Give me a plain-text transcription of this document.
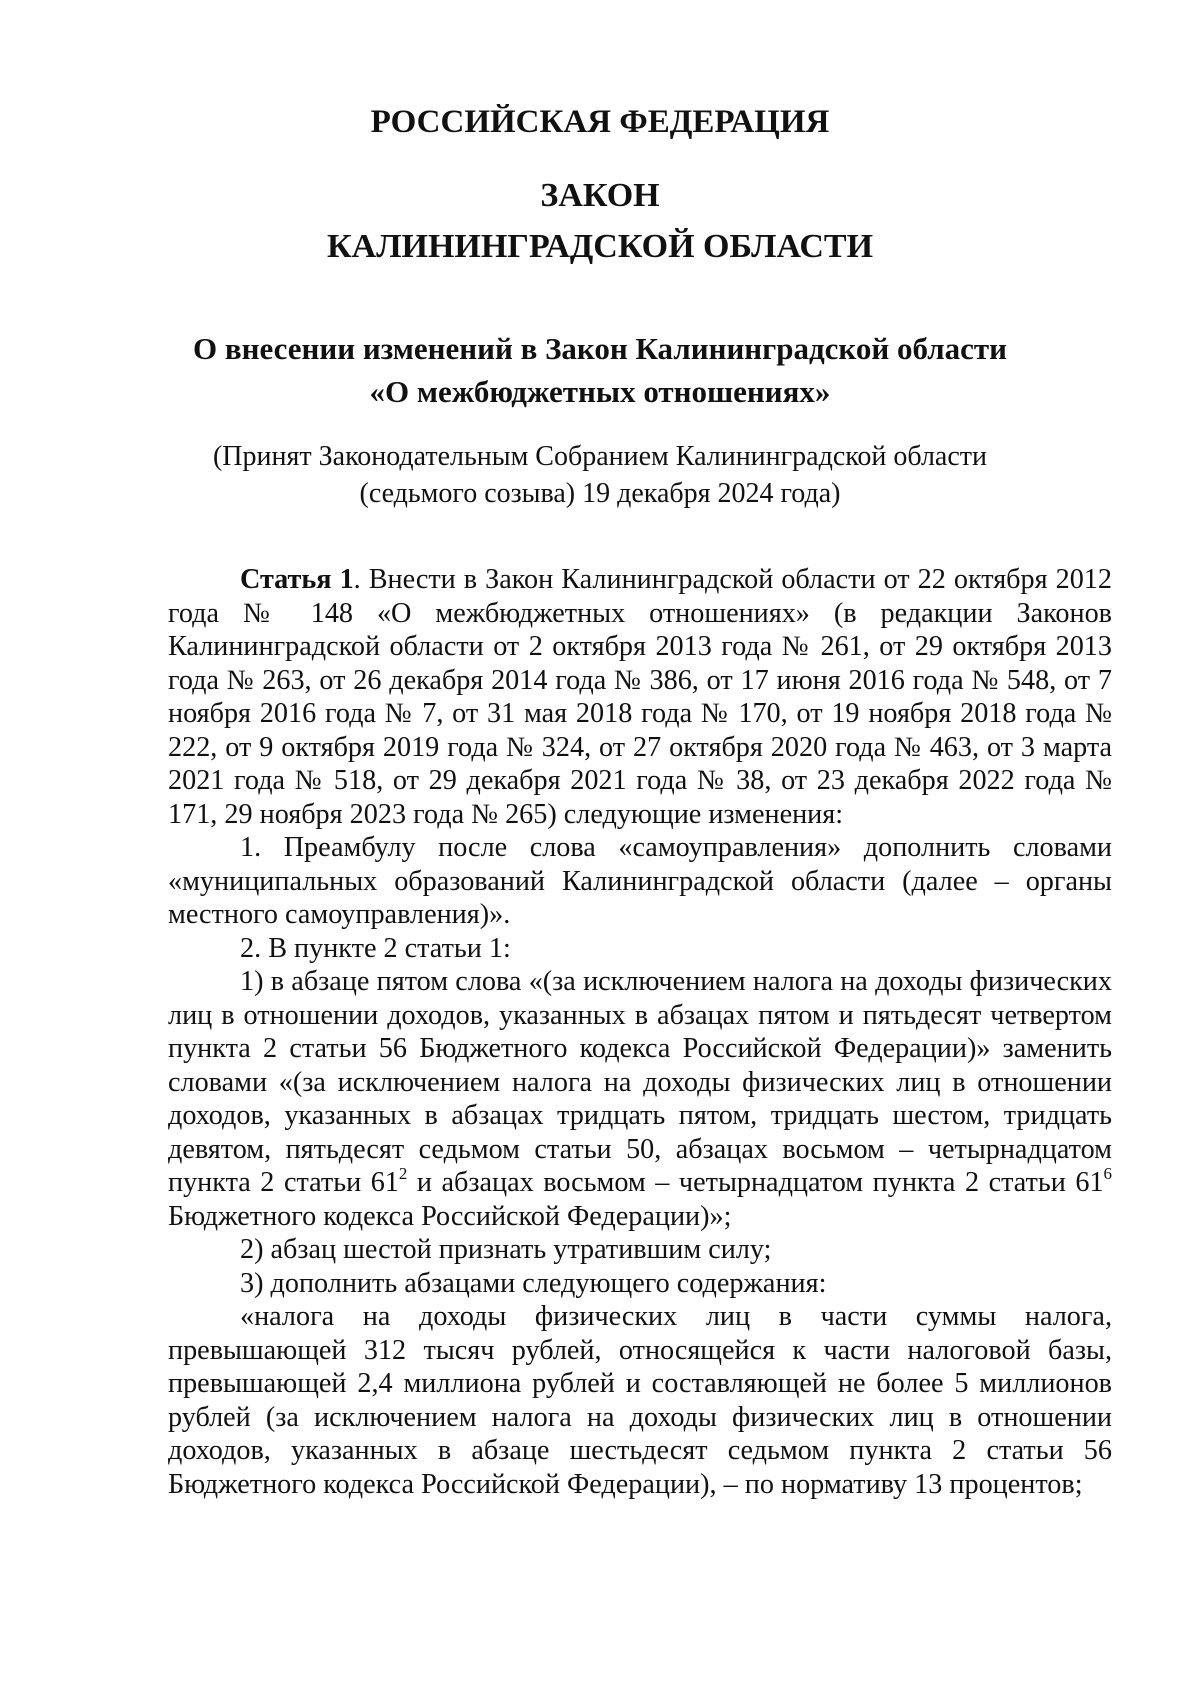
РОССИЙСКАЯ ФЕДЕРАЦИЯ
ЗАКОН
КАЛИНИНГРАДСКОЙ ОБЛАСТИ
О внесении изменений в Закон Калининградской области
«О межбюджетных отношениях»
(Принят Законодательным Собранием Калининградской области
(седьмого созыва) 19 декабря 2024 года)

Статья 1. Внести в Закон Калининградской области от 22 октября 2012 года № 148 «О межбюджетных отношениях» (в редакции Законов Калининградской области от 2 октября 2013 года № 261, от 29 октября 2013 года № 263, от 26 декабря 2014 года № 386, от 17 июня 2016 года № 548, от 7 ноября 2016 года № 7, от 31 мая 2018 года № 170, от 19 ноября 2018 года № 222, от 9 октября 2019 года № 324, от 27 октября 2020 года № 463, от 3 марта 2021 года № 518, от 29 декабря 2021 года № 38, от 23 декабря 2022 года № 171, 29 ноября 2023 года № 265) следующие изменения:

1. Преамбулу после слова «самоуправления» дополнить словами «муниципальных образований Калининградской области (далее – органы местного самоуправления)».

2. В пункте 2 статьи 1:

1) в абзаце пятом слова «(за исключением налога на доходы физических лиц в отношении доходов, указанных в абзацах пятом и пятьдесят четвертом пункта 2 статьи 56 Бюджетного кодекса Российской Федерации)» заменить словами «(за исключением налога на доходы физических лиц в отношении доходов, указанных в абзацах тридцать пятом, тридцать шестом, тридцать девятом, пятьдесят седьмом статьи 50, абзацах восьмом – четырнадцатом пункта 2 статьи $61^2$ и абзацах восьмом – четырнадцатом пункта 2 статьи $61^6$ Бюджетного кодекса Российской Федерации)»;

2) абзац шестой признать утратившим силу;

3) дополнить абзацами следующего содержания:

«налога на доходы физических лиц в части суммы налога, превышающей 312 тысяч рублей, относящейся к части налоговой базы, превышающей 2,4 миллиона рублей и составляющей не более 5 миллионов рублей (за исключением налога на доходы физических лиц в отношении доходов, указанных в абзаце шестьдесят седьмом пункта 2 статьи 56 Бюджетного кодекса Российской Федерации), – по нормативу 13 процентов;
